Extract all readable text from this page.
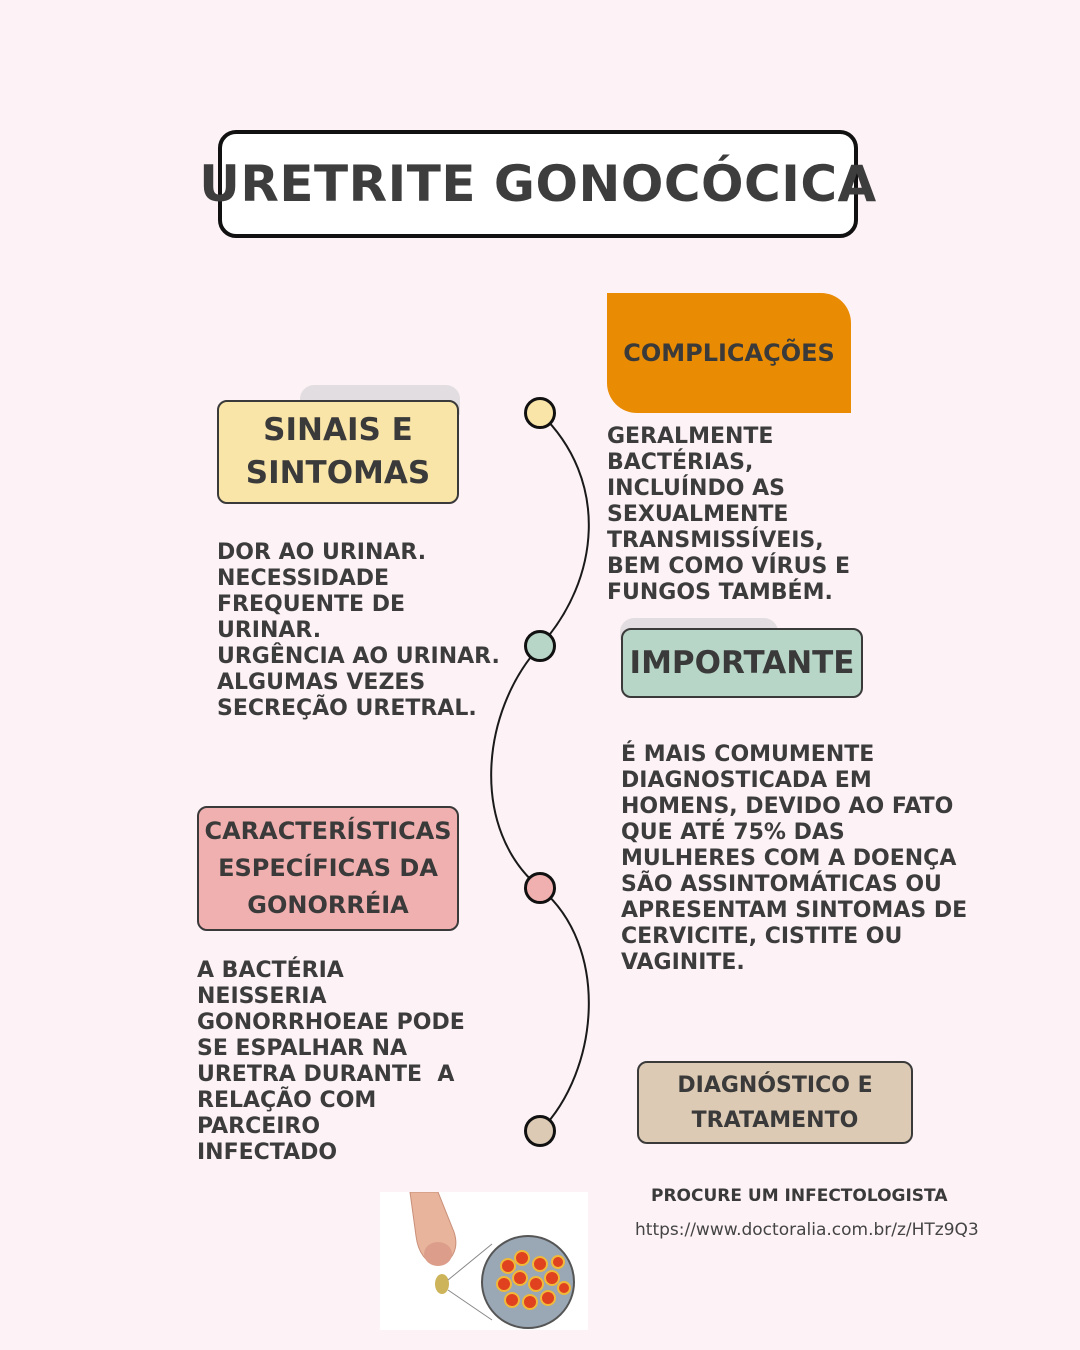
URETRITE GONOCÓCICA
SINAIS E
SINTOMAS
DOR AO URINAR.
NECESSIDADE
FREQUENTE DE
URINAR.
URGÊNCIA AO URINAR.
ALGUMAS VEZES
SECREÇÃO URETRAL.
COMPLICAÇÕES
GERALMENTE
BACTÉRIAS,
INCLUÍNDO AS
SEXUALMENTE
TRANSMISSÍVEIS,
BEM COMO VÍRUS E
FUNGOS TAMBÉM.
IMPORTANTE
É MAIS COMUMENTE
DIAGNOSTICADA EM
HOMENS, DEVIDO AO FATO
QUE ATÉ 75% DAS
MULHERES COM A DOENÇA
SÃO ASSINTOMÁTICAS OU
APRESENTAM SINTOMAS DE
CERVICITE, CISTITE OU
VAGINITE.
CARACTERÍSTICAS
ESPECÍFICAS DA
GONORRÉIA
A BACTÉRIA
NEISSERIA
GONORRHOEAE PODE
SE ESPALHAR NA
URETRA DURANTE  A
RELAÇÃO COM
PARCEIRO
INFECTADO
DIAGNÓSTICO E
TRATAMENTO
PROCURE UM INFECTOLOGISTA
https://www.doctoralia.com.br/z/HTz9Q3
